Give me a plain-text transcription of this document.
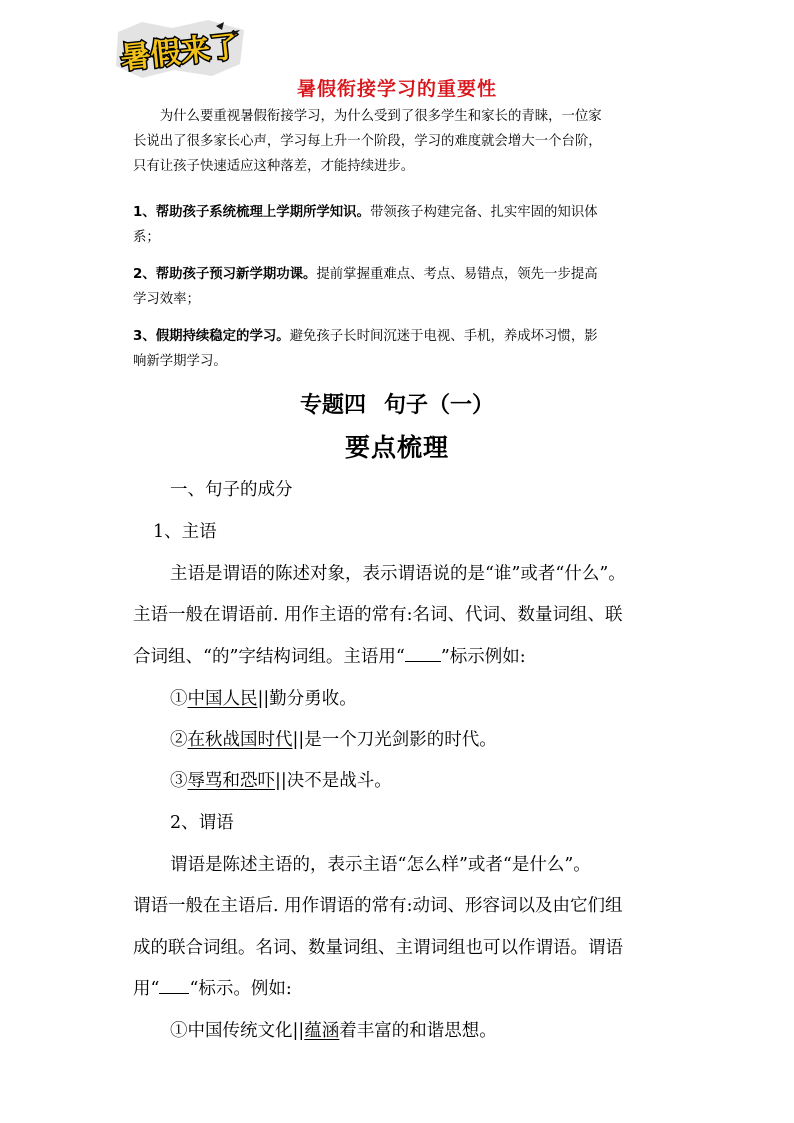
暑假来了
暑假衔接学习的重要性

为什么要重视暑假衔接学习，为什么受到了很多学生和家长的青睐，一位家

长说出了很多家长心声，学习每上升一个阶段，学习的难度就会增大一个台阶，

只有让孩子快速适应这种落差，才能持续进步。

1、帮助孩子系统梳理上学期所学知识。带领孩子构建完备、扎实牢固的知识体

系；

2、帮助孩子预习新学期功课。提前掌握重难点、考点、易错点，领先一步提高

学习效率；

3、假期持续稳定的学习。避免孩子长时间沉迷于电视、手机，养成坏习惯，影

响新学期学习。

专题四 句子（一）
要点梳理
一、句子的成分
1、主语
主语是谓语的陈述对象，表示谓语说的是“谁”或者“什么”。
主语一般在谓语前. 用作主语的常有:名词、代词、数量词组、联
合词组、“的”字结构词组。主语用“ ”标示例如:
①中国人民||勤分勇收。
②在秋战国时代||是一个刀光剑影的时代。
③辱骂和恐吓||决不是战斗。
2、谓语
谓语是陈述主语的，表示主语“怎么样”或者“是什么”。
谓语一般在主语后. 用作谓语的常有:动词、形容词以及由它们组
成的联合词组。名词、数量词组、主谓词组也可以作谓语。谓语
用“ “标示。例如:
①中国传统文化||蕴涵着丰富的和谐思想。
